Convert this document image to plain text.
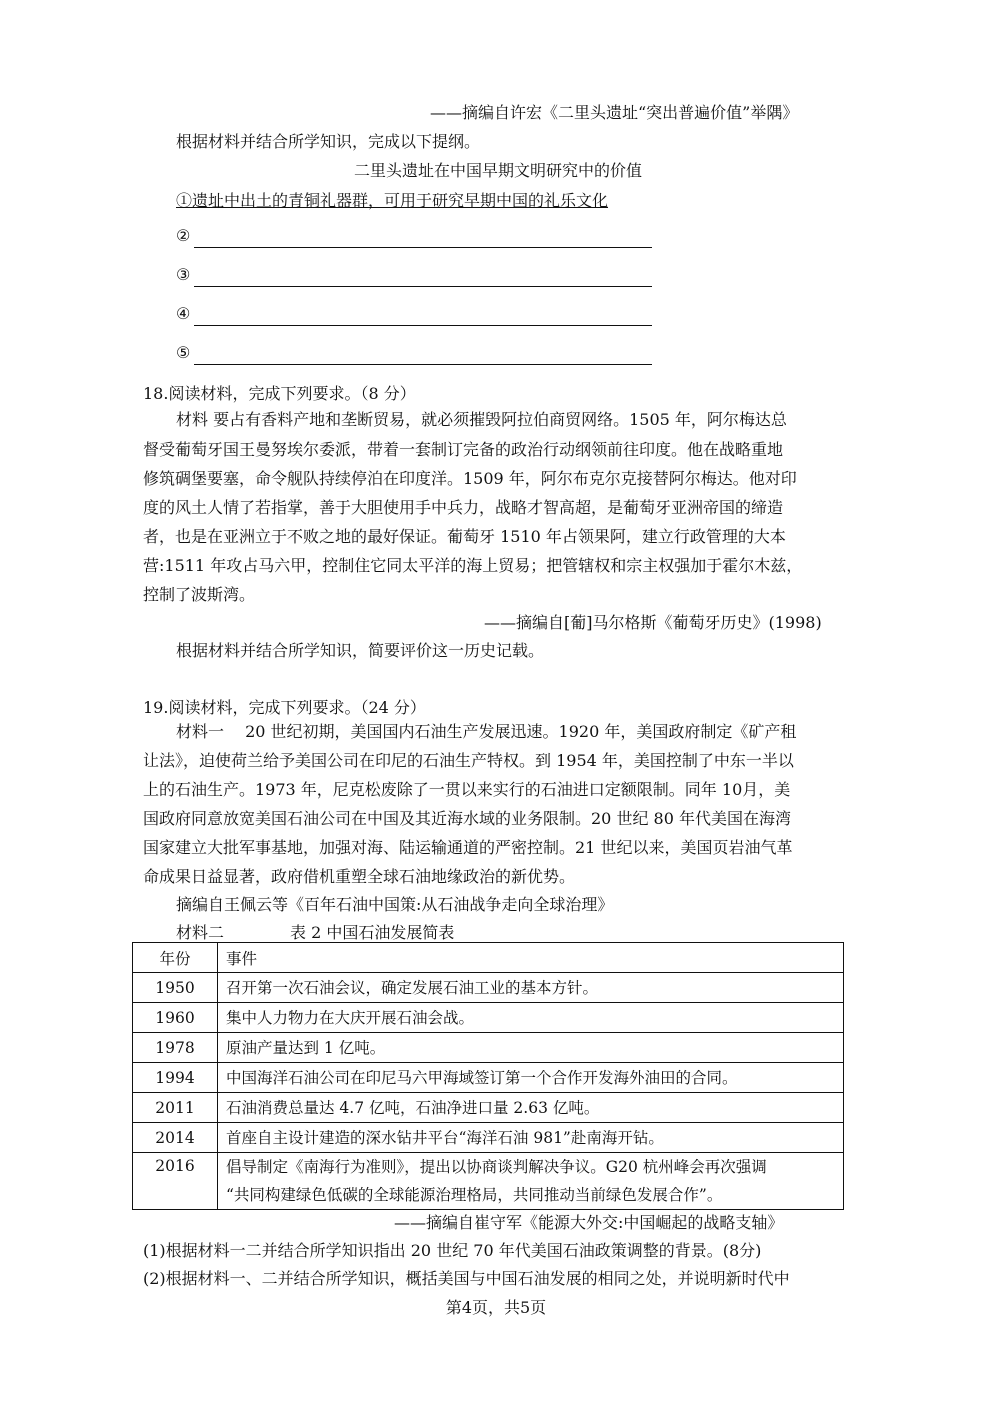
——摘编自许宏《二里头遗址“突出普遍价值”举隅》
根据材料并结合所学知识，完成以下提纲。
二里头遗址在中国早期文明研究中的价值
①遗址中出土的青铜礼器群，可用于研究早期中国的礼乐文化
②
③
④
⑤
18.阅读材料，完成下列要求。（8 分）
材料 要占有香料产地和垄断贸易，就必须摧毁阿拉伯商贸网络。1505 年，阿尔梅达总
督受葡萄牙国王曼努埃尔委派，带着一套制订完备的政治行动纲领前往印度。他在战略重地
修筑碉堡要塞，命令舰队持续停泊在印度洋。1509 年，阿尔布克尔克接替阿尔梅达。他对印
度的风土人情了若指掌，善于大胆使用手中兵力，战略才智高超，是葡萄牙亚洲帝国的缔造
者，也是在亚洲立于不败之地的最好保证。葡萄牙 1510 年占领果阿，建立行政管理的大本
营:1511 年攻占马六甲，控制住它同太平洋的海上贸易；把管辖权和宗主权强加于霍尔木兹，
控制了波斯湾。
——摘编自[葡]马尔格斯《葡萄牙历史》(1998)
根据材料并结合所学知识，简要评价这一历史记载。
19.阅读材料，完成下列要求。（24 分）
材料一　 20 世纪初期，美国国内石油生产发展迅速。1920 年，美国政府制定《矿产租
让法》，迫使荷兰给予美国公司在印尼的石油生产特权。到 1954 年，美国控制了中东一半以
上的石油生产。1973 年，尼克松废除了一贯以来实行的石油进口定额限制。同年 10月，美
国政府同意放宽美国石油公司在中国及其近海水域的业务限制。20 世纪 80 年代美国在海湾
国家建立大批军事基地，加强对海、陆运输通道的严密控制。21 世纪以来，美国页岩油气革
命成果日益显著，政府借机重塑全球石油地缘政治的新优势。
摘编自王佩云等《百年石油中国策:从石油战争走向全球治理》
材料二	表 2 中国石油发展简表
年份	事件
1950	召开第一次石油会议，确定发展石油工业的基本方针。
1960	集中人力物力在大庆开展石油会战。
1978	原油产量达到 1 亿吨。
1994	中国海洋石油公司在印尼马六甲海域签订第一个合作开发海外油田的合同。
2011	石油消费总量达 4.7 亿吨，石油净进口量 2.63 亿吨。
2014	首座自主设计建造的深水钻井平台“海洋石油 981”赴南海开钻。
2016	倡导制定《南海行为准则》，提出以协商谈判解决争议。G20 杭州峰会再次强调
“共同构建绿色低碳的全球能源治理格局，共同推动当前绿色发展合作”。
——摘编自崔守军《能源大外交:中国崛起的战略支轴》
(1)根据材料一二并结合所学知识指出 20 世纪 70 年代美国石油政策调整的背景。(8分)
(2)根据材料一、二并结合所学知识，概括美国与中国石油发展的相同之处，并说明新时代中
第4页，共5页
